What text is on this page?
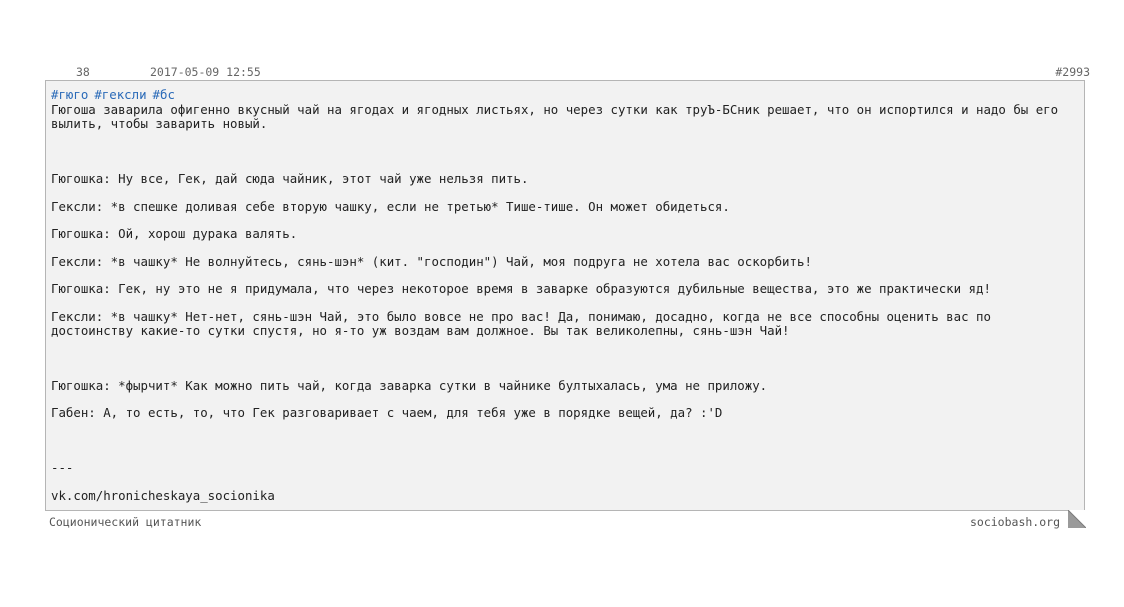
38	2017-05-09 12:55	#2993
#гюго #гексли #бс

Гюгоша заварила офигенно вкусный чай на ягодах и ягодных листьях, но через сутки как труЪ-БСник решает, что он испортился и надо бы его вылить, чтобы заварить новый.

Гюгошка: Ну все, Гек, дай сюда чайник, этот чай уже нельзя пить.

Гексли: *в спешке доливая себе вторую чашку, если не третью* Тише-тише. Он может обидеться.

Гюгошка: Ой, хорош дурака валять.

Гексли: *в чашку* Не волнуйтесь, сянь-шэн* (кит. "господин") Чай, моя подруга не хотела вас оскорбить!

Гюгошка: Гек, ну это не я придумала, что через некоторое время в заварке образуются дубильные вещества, это же практически яд!

Гексли: *в чашку* Нет-нет, сянь-шэн Чай, это было вовсе не про вас! Да, понимаю, досадно, когда не все способны оценить вас по достоинству какие-то сутки спустя, но я-то уж воздам вам должное. Вы так великолепны, сянь-шэн Чай!

Гюгошка: *фырчит* Как можно пить чай, когда заварка сутки в чайнике бултыхалась, ума не приложу.

Габен: А, то есть, то, что Гек разговаривает с чаем, для тебя уже в порядке вещей, да? :'D

---

vk.com/hronicheskaya_socionika

Соционический цитатник	sociobash.org
